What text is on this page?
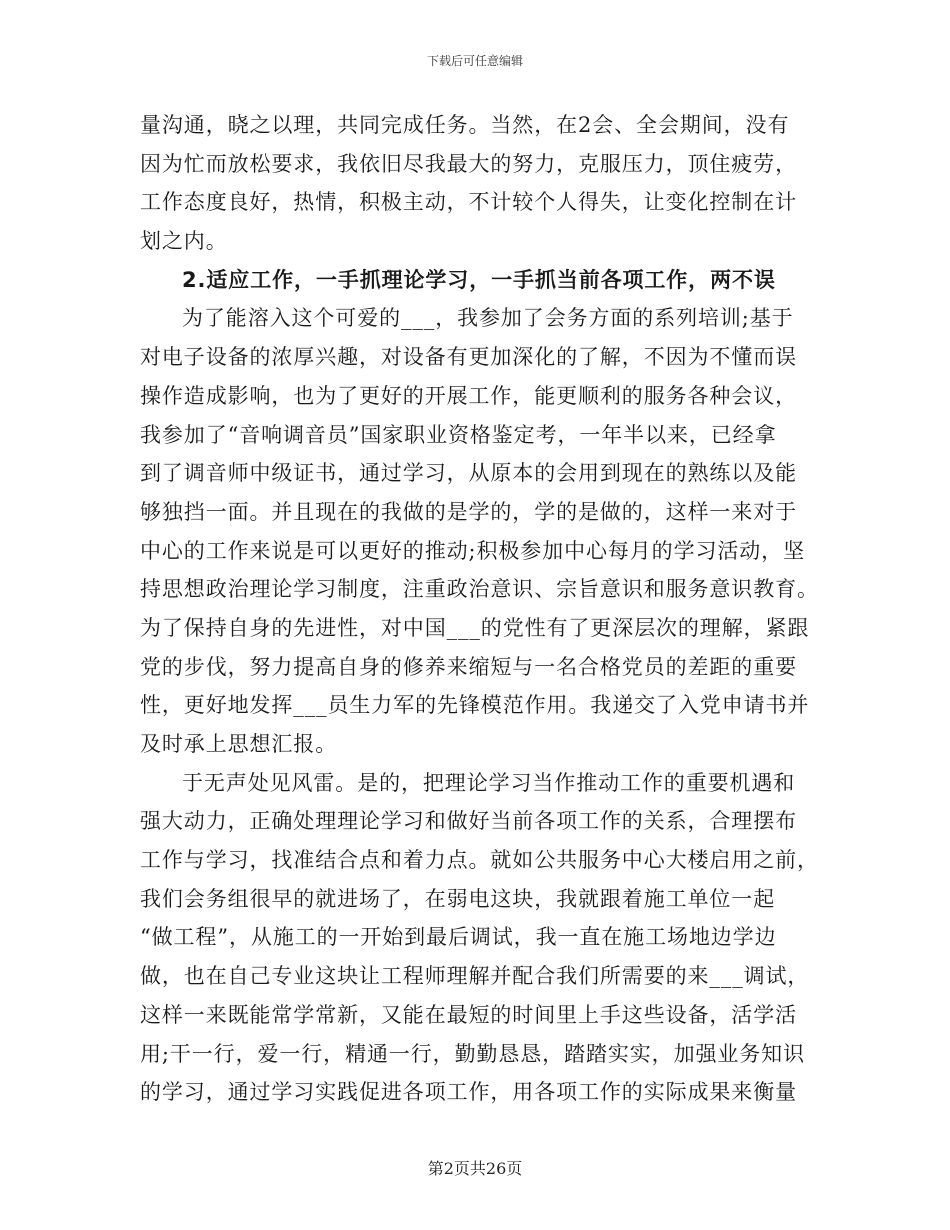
下载后可任意编辑
量沟通，晓之以理，共同完成任务。当然，在2会、全会期间，没有
因为忙而放松要求，我依旧尽我最大的努力，克服压力，顶住疲劳，
工作态度良好，热情，积极主动，不计较个人得失，让变化控制在计
划之内。
2.适应工作，一手抓理论学习，一手抓当前各项工作，两不误
为了能溶入这个可爱的___，我参加了会务方面的系列培训;基于
对电子设备的浓厚兴趣，对设备有更加深化的了解，不因为不懂而误
操作造成影响，也为了更好的开展工作，能更顺利的服务各种会议，
我参加了“音响调音员”国家职业资格鉴定考，一年半以来，已经拿
到了调音师中级证书，通过学习，从原本的会用到现在的熟练以及能
够独挡一面。并且现在的我做的是学的，学的是做的，这样一来对于
中心的工作来说是可以更好的推动;积极参加中心每月的学习活动，坚
持思想政治理论学习制度，注重政治意识、宗旨意识和服务意识教育。
为了保持自身的先进性，对中国___的党性有了更深层次的理解，紧跟
党的步伐，努力提高自身的修养来缩短与一名合格党员的差距的重要
性，更好地发挥___员生力军的先锋模范作用。我递交了入党申请书并
及时承上思想汇报。
于无声处见风雷。是的，把理论学习当作推动工作的重要机遇和
强大动力，正确处理理论学习和做好当前各项工作的关系，合理摆布
工作与学习，找准结合点和着力点。就如公共服务中心大楼启用之前，
我们会务组很早的就进场了，在弱电这块，我就跟着施工单位一起
“做工程”，从施工的一开始到最后调试，我一直在施工场地边学边
做，也在自己专业这块让工程师理解并配合我们所需要的来___调试，
这样一来既能常学常新，又能在最短的时间里上手这些设备，活学活
用;干一行，爱一行，精通一行，勤勤恳恳，踏踏实实，加强业务知识
的学习，通过学习实践促进各项工作，用各项工作的实际成果来衡量
第2页共26页
